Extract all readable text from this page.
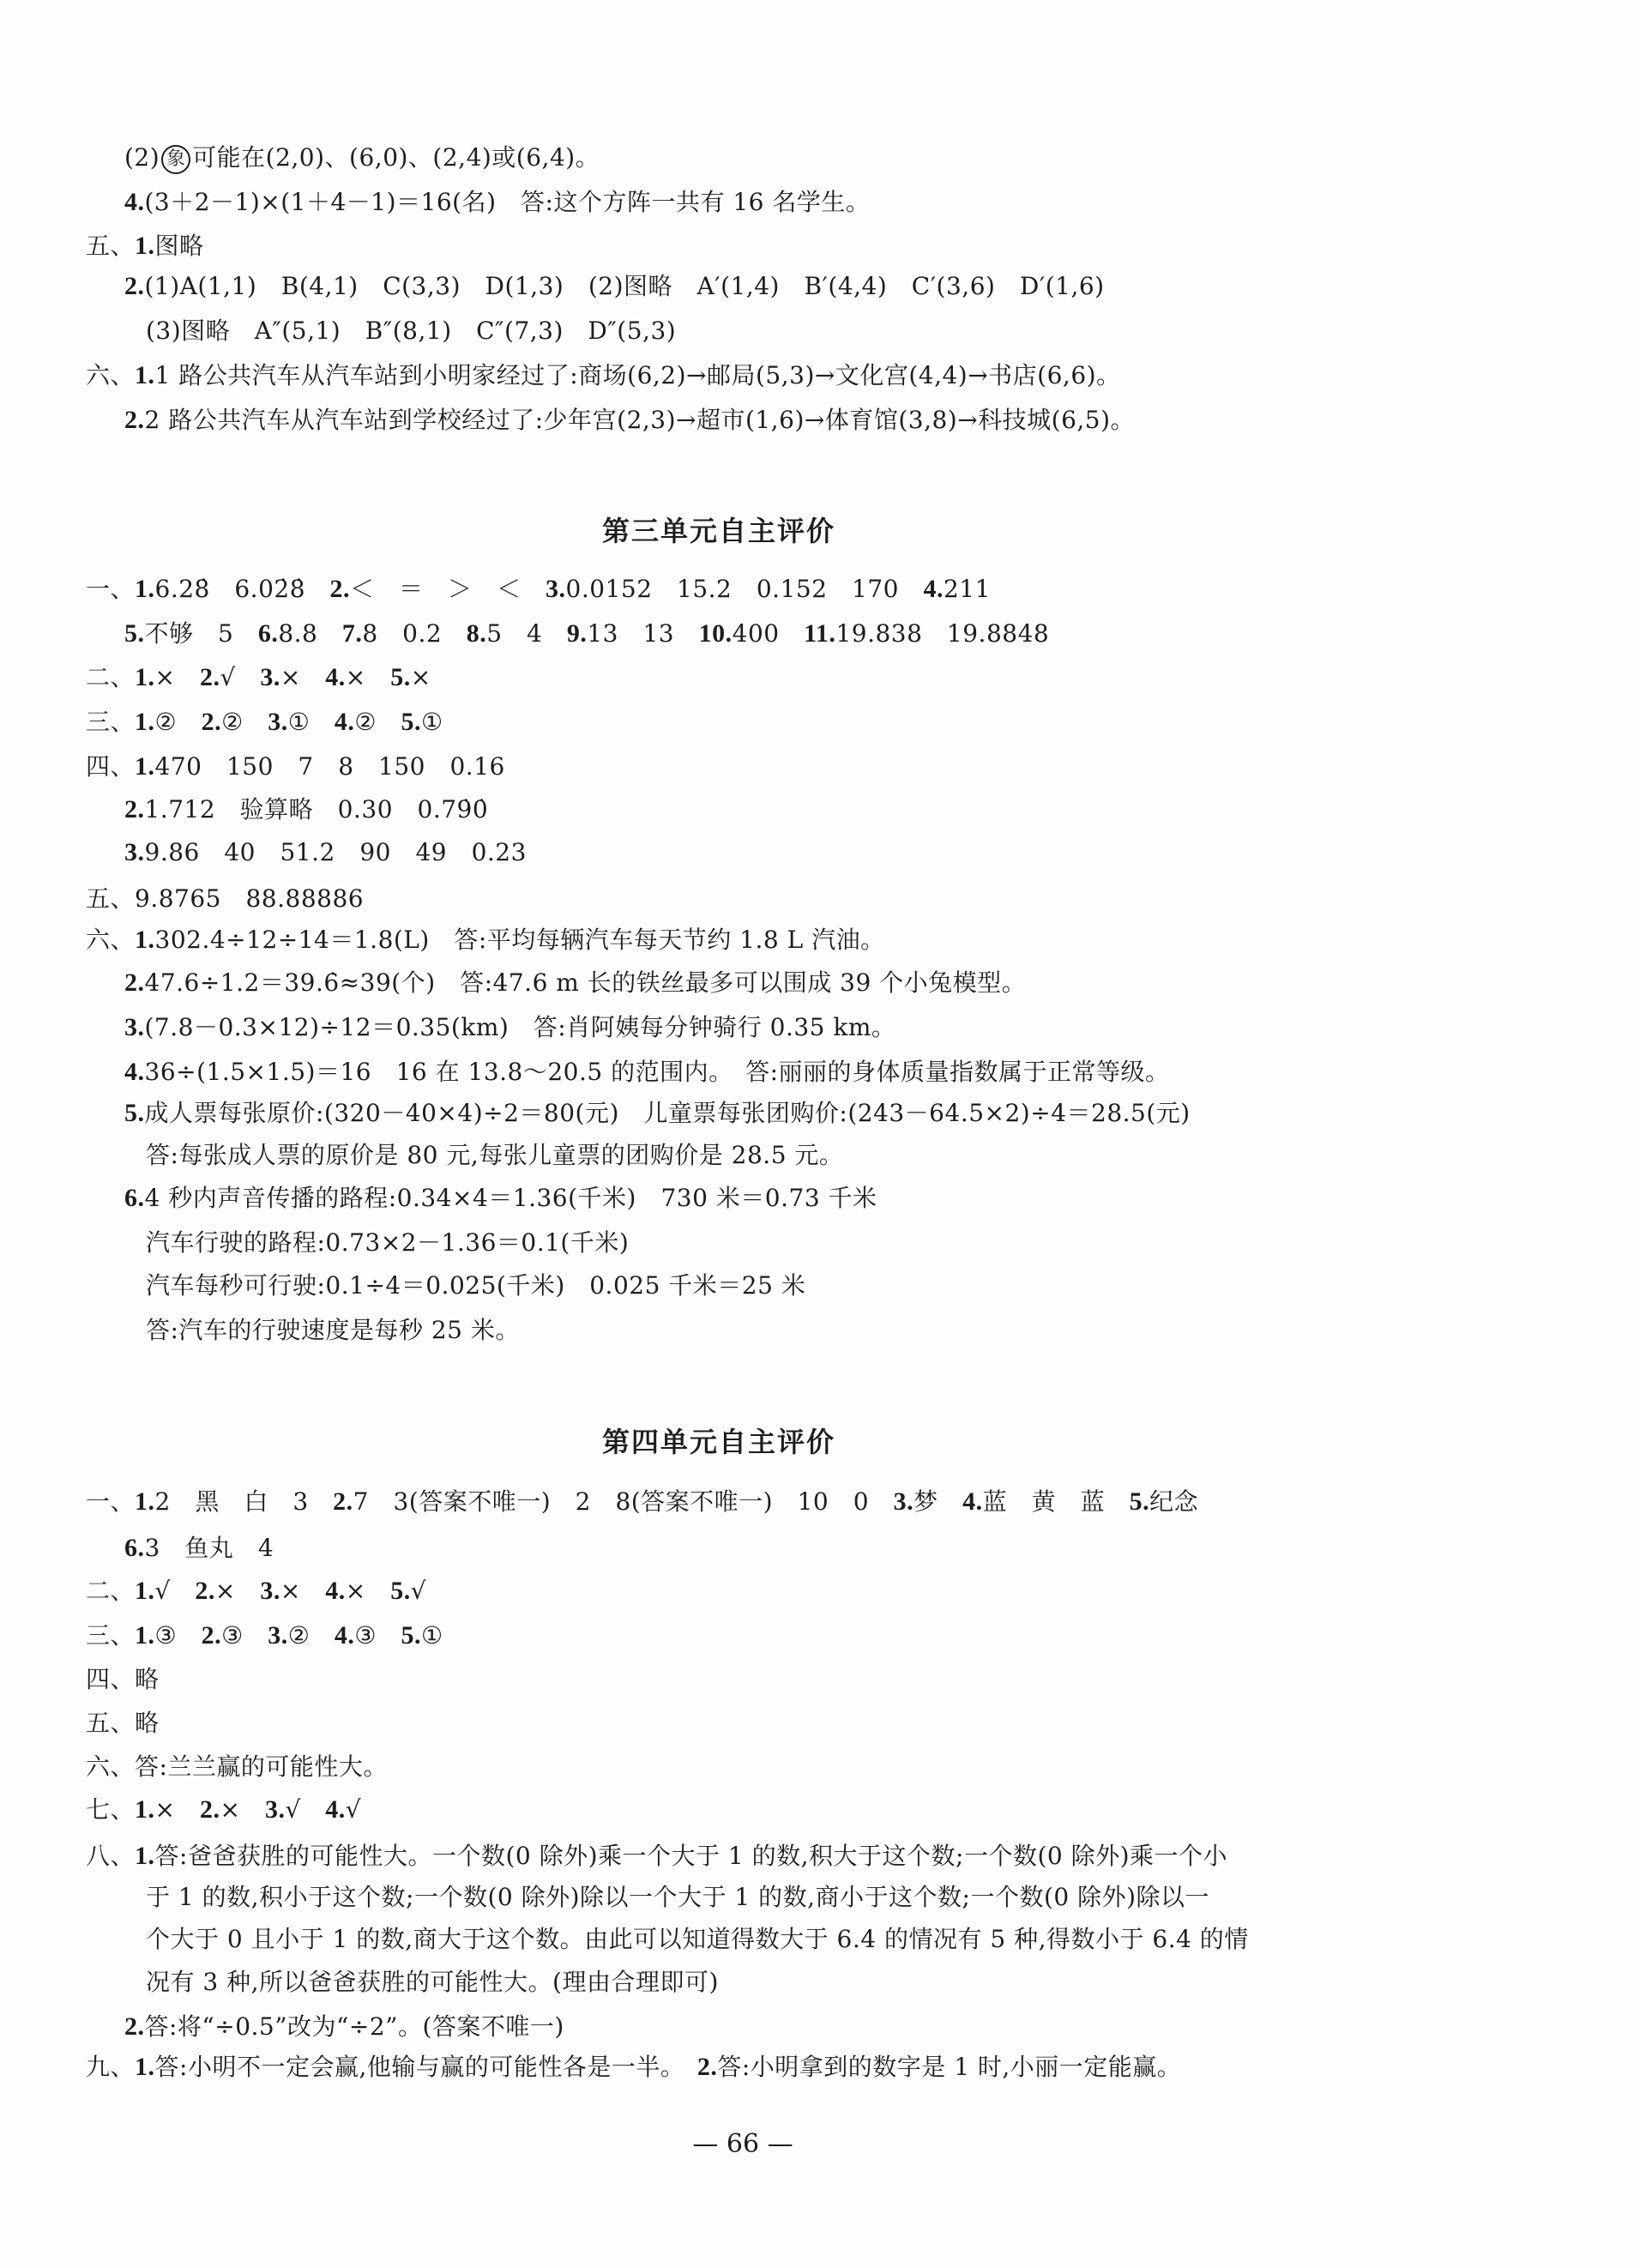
第三单元自主评价
第四单元自主评价
(2) 象 可能在(2,0)、(6,0)、(2,4)或(6,4)。
4.(3＋2－1)×(1＋4－1)＝16(名)　答:这个方阵一共有 16 名学生。
五、1.图略
2.(1)A(1,1)　B(4,1)　C(3,3)　D(1,3)　(2)图略　A′(1,4)　B′(4,4)　C′(3,6)　D′(1,6)
(3)图略　A″(5,1)　B″(8,1)　C″(7,3)　D″(5,3)
六、1.1 路公共汽车从汽车站到小明家经过了:商场(6,2)→邮局(5,3)→文化宫(4,4)→书店(6,6)。
2.2 路公共汽车从汽车站到学校经过了:少年宫(2,3)→超市(1,6)→体育馆(3,8)→科技城(6,5)。
一、1.6.28̇　6.02̇8̇　2.＜　＝　＞　＜　3.0.0152　15.2　0.152　170　4.211
5.不够　5　6.8.8　7.8　0.2　8.5　4　9.13　13　10.400　11.19.838　19.8848
二、1.×　2.√　3.×　4.×　5.×
三、1.②　2.②　3.①　4.②　5.①
四、1.470　150　7　8　150　0.16
2.1.712　验算略　0.30　0.79̇0̇
3.9.86　40　51.2　90　49　0.23
五、9.8765　88.88886
六、1.302.4÷12÷14＝1.8(L)　答:平均每辆汽车每天节约 1.8 L 汽油。
2.47.6÷1.2＝39.6̇≈39(个)　答:47.6 m 长的铁丝最多可以围成 39 个小兔模型。
3.(7.8－0.3×12)÷12＝0.35(km)　答:肖阿姨每分钟骑行 0.35 km。
4.36÷(1.5×1.5)＝16　16 在 13.8～20.5 的范围内。　答:丽丽的身体质量指数属于正常等级。
5.成人票每张原价:(320－40×4)÷2＝80(元)　儿童票每张团购价:(243－64.5×2)÷4＝28.5(元)
答:每张成人票的原价是 80 元,每张儿童票的团购价是 28.5 元。
6.4 秒内声音传播的路程:0.34×4＝1.36(千米)　730 米＝0.73 千米
汽车行驶的路程:0.73×2－1.36＝0.1(千米)
汽车每秒可行驶:0.1÷4＝0.025(千米)　0.025 千米＝25 米
答:汽车的行驶速度是每秒 25 米。
一、1.2　黑　白　3　2.7　3(答案不唯一)　2　8(答案不唯一)　10　0　3.梦　4.蓝　黄　蓝　5.纪念
6.3　鱼丸　4
二、1.√　2.×　3.×　4.×　5.√
三、1.③　2.③　3.②　4.③　5.①
四、略
五、略
六、答:兰兰赢的可能性大。
七、1.×　2.×　3.√　4.√
八、1.答:爸爸获胜的可能性大。一个数(0 除外)乘一个大于 1 的数,积大于这个数;一个数(0 除外)乘一个小
于 1 的数,积小于这个数;一个数(0 除外)除以一个大于 1 的数,商小于这个数;一个数(0 除外)除以一
个大于 0 且小于 1 的数,商大于这个数。由此可以知道得数大于 6.4 的情况有 5 种,得数小于 6.4 的情
况有 3 种,所以爸爸获胜的可能性大。(理由合理即可)
2.答:将“÷0.5”改为“÷2”。(答案不唯一)
九、1.答:小明不一定会赢,他输与赢的可能性各是一半。　2.答:小明拿到的数字是 1 时,小丽一定能赢。
— 66 —
